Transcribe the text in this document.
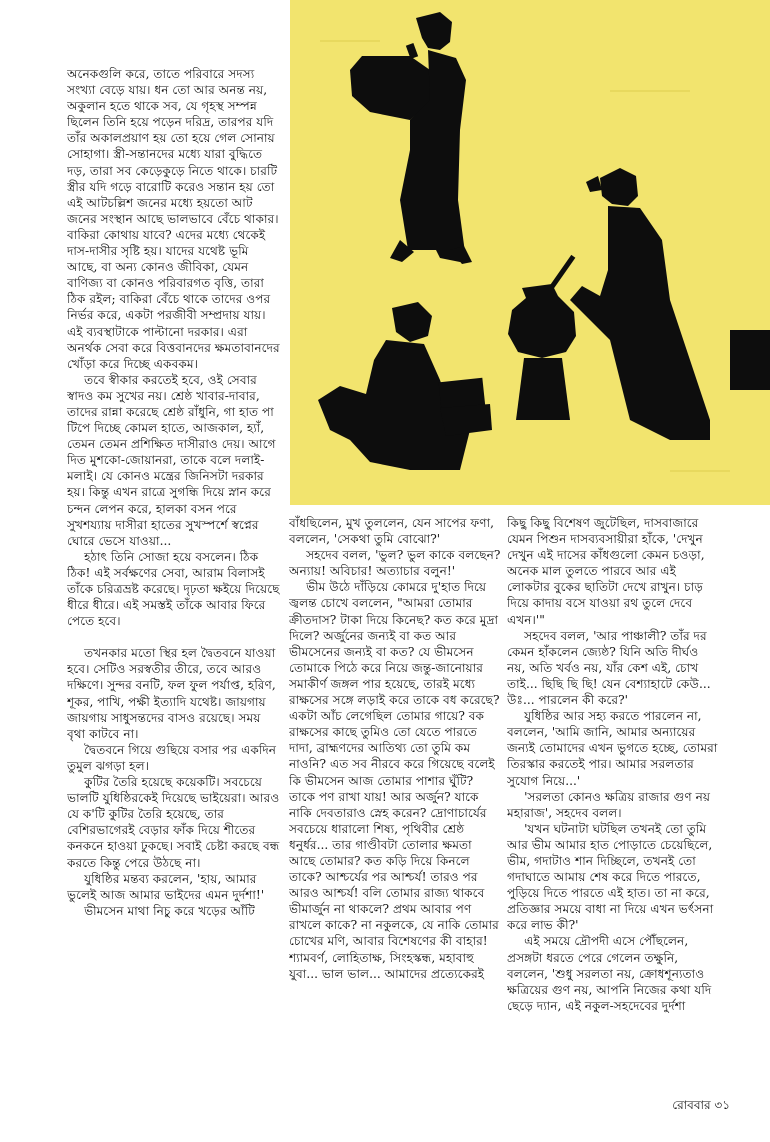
অনেকগুলি করে, তাতে পরিবারে সদস্য সংখ্যা বেড়ে যায়। ধন তো আর অনন্ত নয়, অকুলান হতে থাকে সব, যে গৃহস্থ সম্পন্ন ছিলেন তিনি হয়ে পড়েন দরিদ্র, তারপর যদি তাঁর অকালপ্রয়াণ হয় তো হয়ে গেল সোনায় সোহাগা। স্ত্রী-সন্তানদের মধ্যে যারা বুদ্ধিতে দড়, তারা সব কেড়েকুড়ে নিতে থাকে। চারটি স্ত্রীর যদি গড়ে বারোটি করেও সন্তান হয় তো এই আটচল্লিশ জনের মধ্যে হয়তো আট জনের সংস্থান আছে ভালভাবে বেঁচে থাকার। বাকিরা কোথায় যাবে? এদের মধ্যে থেকেই দাস-দাসীর সৃষ্টি হয়। যাদের যথেষ্ট ভূমি আছে, বা অন্য কোনও জীবিকা, যেমন বাণিজ্য বা কোনও পরিবারগত বৃত্তি, তারা ঠিক রইল; বাকিরা বেঁচে থাকে তাদের ওপর নির্ভর করে, একটা পরজীবী সম্প্রদায় যায়। এই ব্যবস্থাটাকে পাল্টানো দরকার। এরা অনর্থক সেবা করে বিত্তবানদের ক্ষমতাবানদের খোঁড়া করে দিচ্ছে একবকম।

তবে স্বীকার করতেই হবে, ওই সেবার স্বাদও কম সুখের নয়। শ্রেষ্ঠ খাবার-দাবার, তাদের রান্না করেছে শ্রেষ্ঠ রাঁধুনি, গা হাত পা টিপে দিচ্ছে কোমল হাতে, আজকাল, হ্যাঁ, তেমন তেমন প্রশিক্ষিত দাসীরাও দেয়। আগে দিত মুশকো-জোয়ানরা, তাকে বলে দলাই-মলাই। যে কোনও মন্ত্রের জিনিসটা দরকার হয়। কিন্তু এখন রাত্রে সুগন্ধি দিয়ে স্নান করে চন্দন লেপন করে, হালকা বসন পরে সুখশয্যায় দাসীরা হাতের সুখস্পর্শে স্বপ্নের ঘোরে ভেসে যাওয়া...

হঠাৎ তিনি সোজা হয়ে বসলেন। ঠিক ঠিক! এই সর্বক্ষণের সেবা, আরাম বিলাসই তাঁকে চরিত্রভ্রষ্ট করেছে। দৃঢ়তা ক্ষইয়ে দিয়েছে ধীরে ধীরে। এই সমস্তই তাঁকে আবার ফিরে পেতে হবে।

তখনকার মতো স্থির হল দ্বৈতবনে যাওয়া হবে। সেটিও সরস্বতীর তীরে, তবে আরও দক্ষিণে। সুন্দর বনটি, ফল ফুল পর্যাপ্ত, হরিণ, শূকর, পাখি, পক্ষী ইত্যাদি যথেষ্ট। জায়গায় জায়গায় সাধুসন্তদের বাসও রয়েছে। সময় বৃথা কাটবে না।

দ্বৈতবনে গিয়ে গুছিয়ে বসার পর একদিন তুমুল ঝগড়া হল।

কুটির তৈরি হয়েছে কয়েকটি। সবচেয়ে ভালটি যুধিষ্ঠিরকেই দিয়েছে ভাইয়েরা। আরও যে ক'টি কুটির তৈরি হয়েছে, তার বেশিরভাগেরই বেড়ার ফাঁক দিয়ে শীতের কনকনে হাওয়া ঢুকছে। সবাই চেষ্টা করছে বন্ধ করতে কিন্তু পেরে উঠছে না।

যুধিষ্ঠির মন্তব্য করলেন, 'হায়, আমার ভুলেই আজ আমার ভাইদের এমন দুর্দশা!'

ভীমসেন মাথা নিচু করে খড়ের আঁটি

বাঁধছিলেন, মুখ তুললেন, যেন সাপের ফণা, বললেন, 'সেকথা তুমি বোঝো?'

সহদেব বলল, 'ভুল? ভুল কাকে বলছেন? অন্যায়! অবিচার! অত্যাচার বলুন!'

ভীম উঠে দাঁড়িয়ে কোমরে দু'হাত দিয়ে জ্বলন্ত চোখে বললেন, "আমরা তোমার ক্রীতদাস? টাকা দিয়ে কিনেছ? কত করে মুদ্রা দিলে? অর্জুনের জন্যই বা কত আর ভীমসেনের জন্যই বা কত? যে ভীমসেন তোমাকে পিঠে করে নিয়ে জন্তু-জানোয়ার সমাকীর্ণ জঙ্গল পার হয়েছে, তারই মধ্যে রাক্ষসের সঙ্গে লড়াই করে তাকে বধ করেছে? একটা আঁচ লেগেছিল তোমার গায়ে? বক রাক্ষসের কাছে তুমিও তো যেতে পারতে দাদা, ব্রাহ্মণদের আতিথ্য তো তুমি কম নাওনি? এত সব নীরবে করে গিয়েছে বলেই কি ভীমসেন আজ তোমার পাশার ঘুঁটি? তাকে পণ রাখা যায়! আর অর্জুন? যাকে নাকি দেবতারাও স্নেহ করেন? দ্রোণাচার্যের সবচেয়ে ধারালো শিষ্য, পৃথিবীর শ্রেষ্ঠ ধনুর্ধর... তার গাণ্ডীবটা তোলার ক্ষমতা আছে তোমার? কত কড়ি দিয়ে কিনলে তাকে? আশ্চর্যের পর আশ্চর্য! তারও পর আরও আশ্চর্য! বলি তোমার রাজ্য থাকবে ভীমার্জুন না থাকলে? প্রথম আবার পণ রাখলে কাকে? না নকুলকে, যে নাকি তোমার চোখের মণি, আবার বিশেষণের কী বাহার! শ্যামবর্ণ, লোহিতাক্ষ, সিংহস্কন্ধ, মহাবাহু যুবা... ভাল ভাল... আমাদের প্রত্যেকেরই

কিছু কিছু বিশেষণ জুটেছিল, দাসবাজারে যেমন পিশুন দাসব্যবসায়ীরা হাঁকে, 'দেখুন দেখুন এই দাসের কাঁধগুলো কেমন চওড়া, অনেক মাল তুলতে পারবে আর এই লোকটার বুকের ছাতিটা দেখে রাখুন। চাড় দিয়ে কাদায় বসে যাওয়া রথ তুলে দেবে এখন।'"

সহদেব বলল, 'আর পাঞ্চালী? তাঁর দর কেমন হাঁকলেন জ্যেষ্ঠ? যিনি অতি দীর্ঘও নয়, অতি খর্বও নয়, যাঁর কেশ এই, চোখ তাই... ছিছি ছি ছি! যেন বেশ্যাহাটে কেউ... উঃ... পারলেন কী করে?'

যুধিষ্ঠির আর সহ্য করতে পারলেন না, বললেন, 'আমি জানি, আমার অন্যায়ের জন্যই তোমাদের এখন ভুগতে হচ্ছে, তোমরা তিরস্কার করতেই পার। আমার সরলতার সুযোগ নিয়ে...'

'সরলতা কোনও ক্ষত্রিয় রাজার গুণ নয় মহারাজ', সহদেব বলল।

'যখন ঘটনাটা ঘটছিল তখনই তো তুমি আর ভীম আমার হাত পোড়াতে চেয়েছিলে, ভীম, গদাটাও শান দিচ্ছিলে, তখনই তো গদাঘাতে আমায় শেষ করে দিতে পারতে, পুড়িয়ে দিতে পারতে এই হাত। তা না করে, প্রতিজ্ঞার সময়ে বাধা না দিয়ে এখন ভর্ৎসনা করে লাভ কী?'

এই সময়ে দ্রৌপদী এসে পৌঁছলেন, প্রসঙ্গটা ধরতে পেরে গেলেন তক্ষুনি, বললেন, 'শুধু সরলতা নয়, ক্রোধশূন্যতাও ক্ষত্রিয়ের গুণ নয়, আপনি নিজের কথা যদি ছেড়ে দ্যান, এই নকুল-সহদেবের দুর্দশা

রোববার ৩১
